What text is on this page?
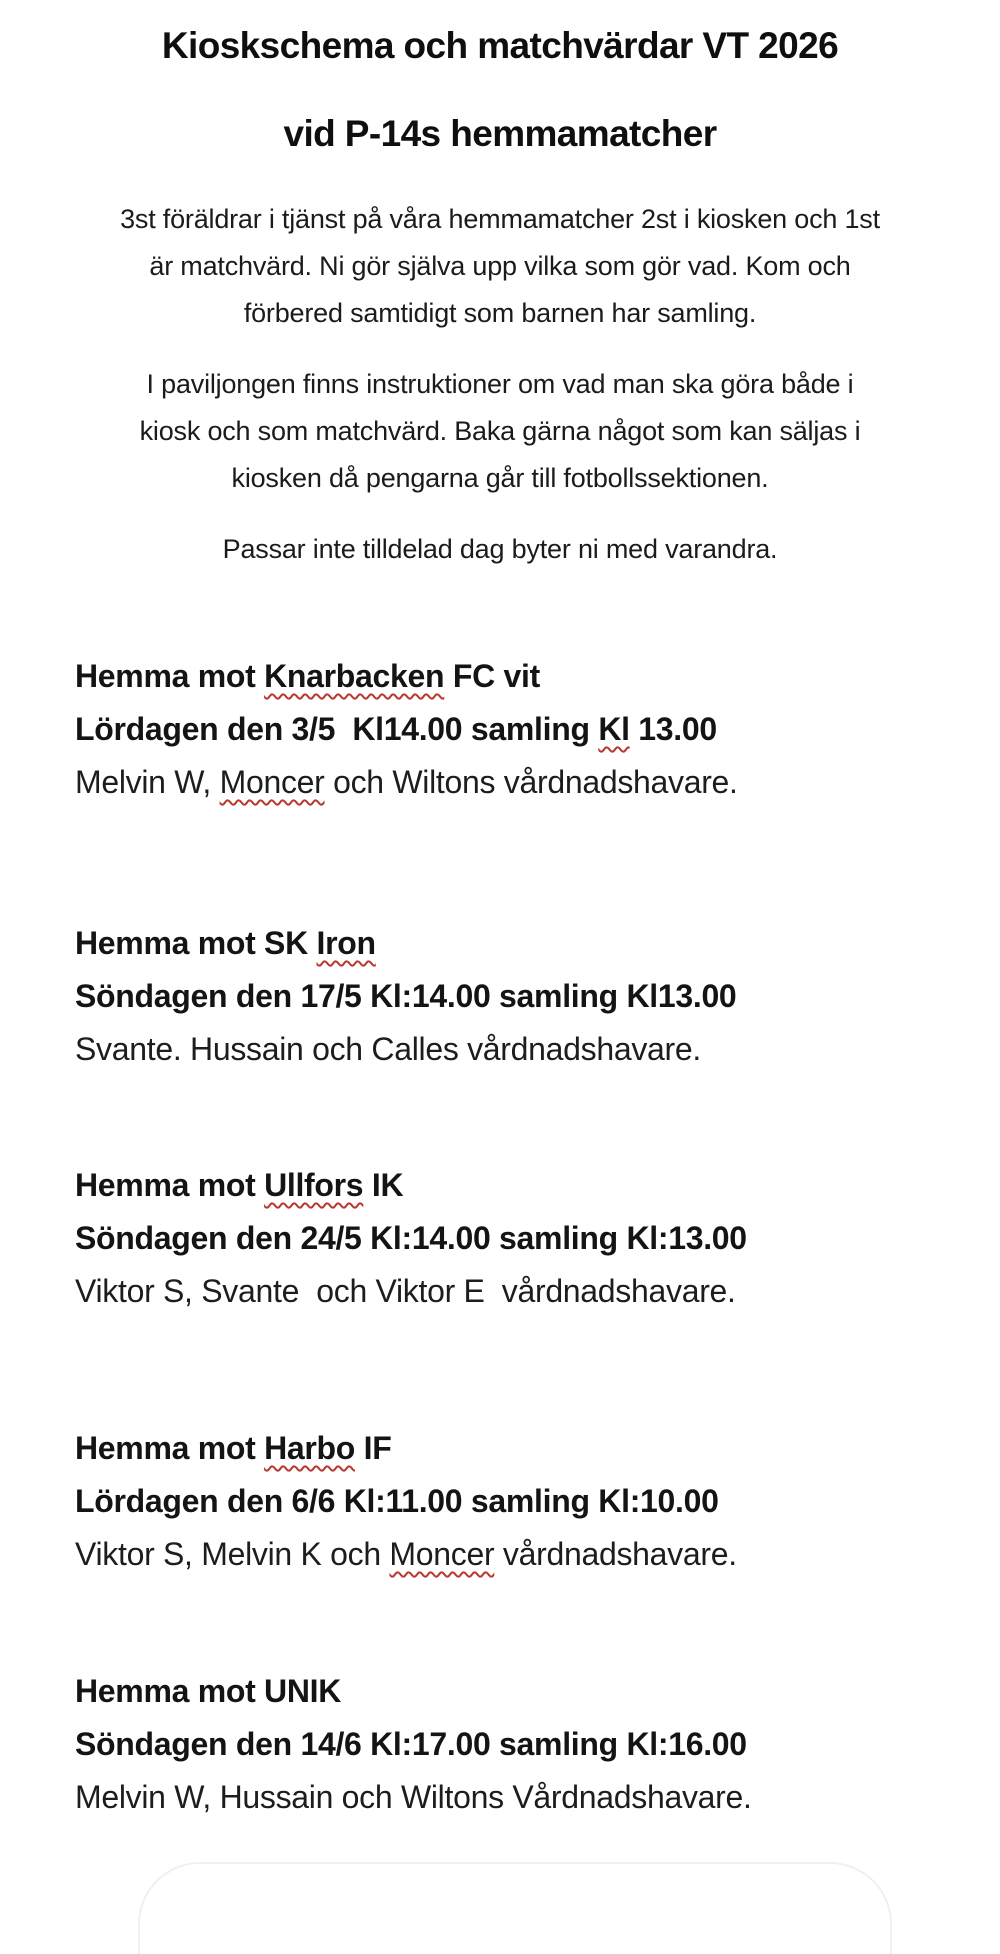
Kioskschema och matchvärdar VT 2026
vid P-14s hemmamatcher

3st föräldrar i tjänst på våra hemmamatcher 2st i kiosken och 1st
är matchvärd. Ni gör själva upp vilka som gör vad. Kom och
förbered samtidigt som barnen har samling.

I paviljongen finns instruktioner om vad man ska göra både i
kiosk och som matchvärd. Baka gärna något som kan säljas i
kiosken då pengarna går till fotbollssektionen.

Passar inte tilldelad dag byter ni med varandra.

Hemma mot Knarbacken FC vit

Lördagen den 3/5  Kl14.00 samling Kl 13.00

Melvin W, Moncer och Wiltons vårdnadshavare.

Hemma mot SK Iron

Söndagen den 17/5 Kl:14.00 samling Kl13.00

Svante. Hussain och Calles vårdnadshavare.

Hemma mot Ullfors IK

Söndagen den 24/5 Kl:14.00 samling Kl:13.00

Viktor S, Svante  och Viktor E  vårdnadshavare.

Hemma mot Harbo IF

Lördagen den 6/6 Kl:11.00 samling Kl:10.00

Viktor S, Melvin K och Moncer vårdnadshavare.

Hemma mot UNIK

Söndagen den 14/6 Kl:17.00 samling Kl:16.00

Melvin W, Hussain och Wiltons Vårdnadshavare.
